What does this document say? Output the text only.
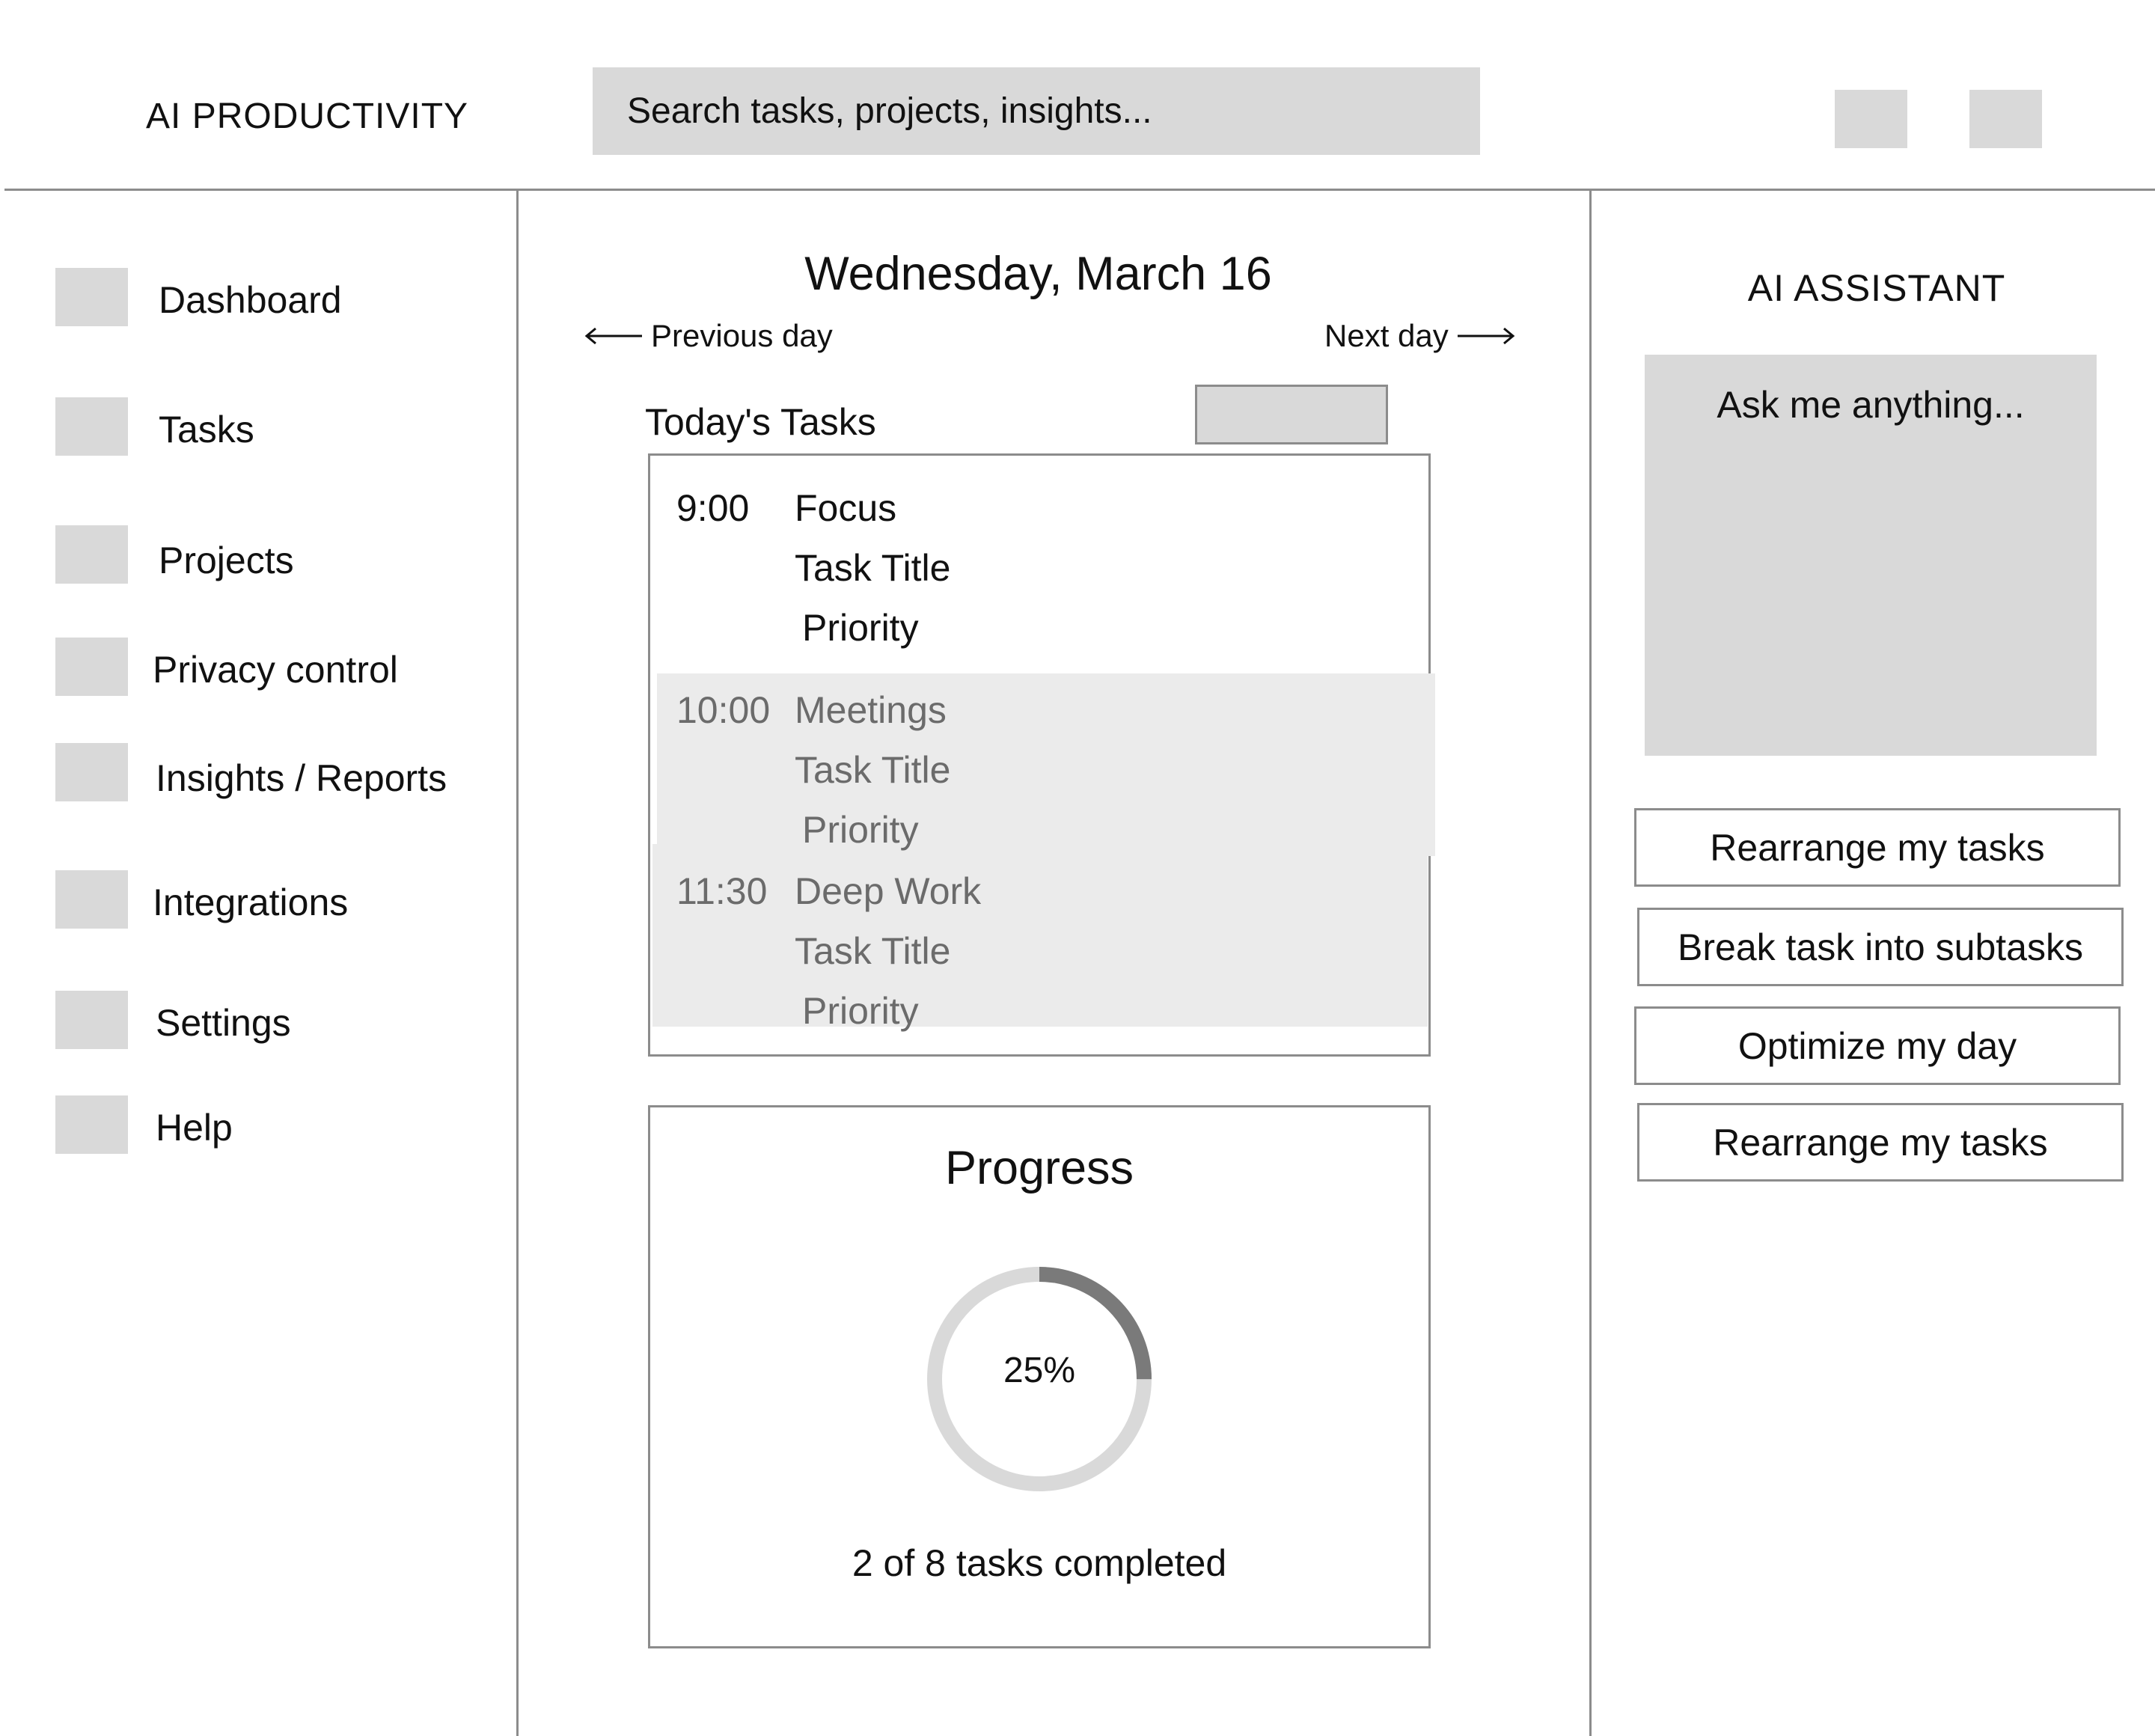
AI PRODUCTIVITY
Search tasks, projects, insights...
Dashboard
Tasks
Projects
Privacy control
Insights / Reports
Integrations
Settings
Help
Wednesday, March 16
Previous day	Next day
Today's Tasks
9:00 Focus
Task Title
Priority
10:00 Meetings
Task Title
Priority
11:30 Deep Work
Task Title
Priority
Progress
25%
2 of 8 tasks completed
AI ASSISTANT
Ask me anything...
Rearrange my tasks
Break task into subtasks
Optimize my day
Rearrange my tasks
